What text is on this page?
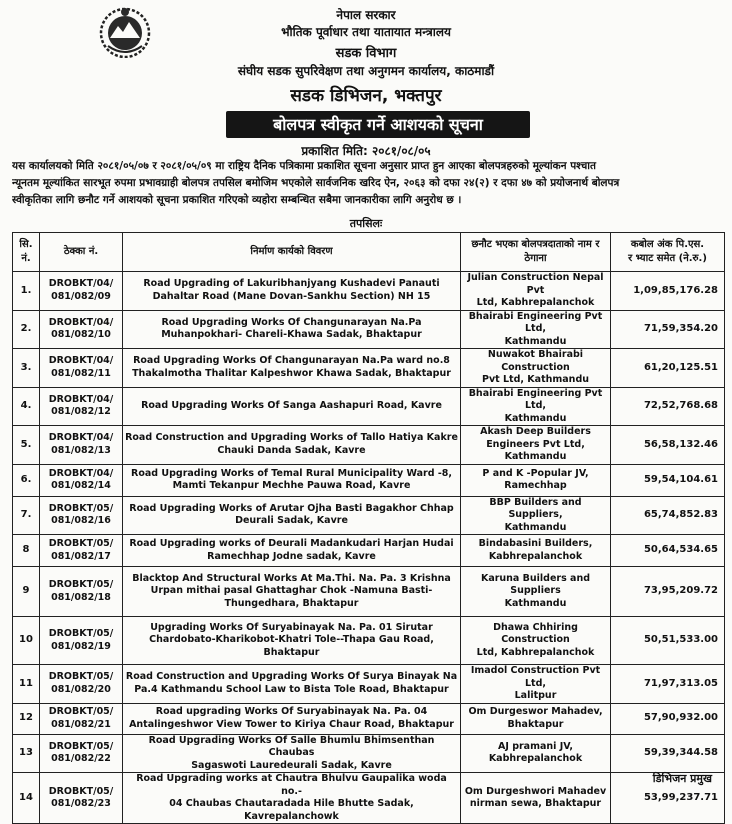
नेपाल सरकार
भौतिक पूर्वाधार तथा यातायात मन्त्रालय
सडक विभाग
संघीय सडक सुपरिवेक्षण तथा अनुगमन कार्यालय, काठमाडौं
सडक डिभिजन, भक्तपुर
बोलपत्र स्वीकृत गर्ने आशयको सूचना
प्रकाशित मिति: २०८१/०८/०५

यस कार्यालयको मिति २०८१/०५/०७ र २०८१/०५/०९ मा राष्ट्रिय दैनिक पत्रिकामा प्रकाशित सूचना अनुसार प्राप्त हुन आएका बोलपत्रहरुको मूल्यांकन पश्चात

न्यूनतम मूल्यांकित सारभूत रुपमा प्रभावग्राही बोलपत्र तपसिल बमोजिम भएकोले सार्वजनिक खरिद ऐन, २०६३ को दफा २४(२) र दफा ४७ को प्रयोजनार्थ बोलपत्र

स्वीकृतिका लागि छनौट गर्ने आशयको सूचना प्रकाशित गरिएको व्यहोरा सम्बन्धित सबैमा जानकारीका लागि अनुरोध छ ।

तपसिलः
सि.
नं.	ठेक्का नं.	निर्माण कार्यको विवरण	छनौट भएका बोलपत्रदाताको नाम र
ठेगाना	कबोल अंक पि.एस.
र भ्याट समेत (ने.रु.)
1.	DROBKT/04/
081/082/09	Road Upgrading of Lakuribhanjyang Kushadevi Panauti
Dahaltar Road (Mane Dovan-Sankhu Section) NH 15	Julian Construction Nepal Pvt
Ltd, Kabhrepalanchok	1,09,85,176.28
2.	DROBKT/04/
081/082/10	Road Upgrading Works Of Changunarayan Na.Pa
Muhanpokhari- Chareli-Khawa Sadak, Bhaktapur	Bhairabi Engineering Pvt Ltd,
Kathmandu	71,59,354.20
3.	DROBKT/04/
081/082/11	Road Upgrading Works Of Changunarayan Na.Pa ward no.8
Thakalmotha Thalitar Kalpeshwor Khawa Sadak, Bhaktapur	Nuwakot Bhairabi Construction
Pvt Ltd, Kathmandu	61,20,125.51
4.	DROBKT/04/
081/082/12	Road Upgrading Works Of Sanga Aashapuri Road, Kavre	Bhairabi Engineering Pvt Ltd,
Kathmandu	72,52,768.68
5.	DROBKT/04/
081/082/13	Road Construction and Upgrading Works of Tallo Hatiya Kakre
Chauki Danda Sadak, Kavre	Akash Deep Builders
Engineers Pvt Ltd, Kathmandu	56,58,132.46
6.	DROBKT/04/
081/082/14	Road Upgrading Works of Temal Rural Municipality Ward -8,
Mamti Tekanpur Mechhe Pauwa Road, Kavre	P and K -Popular JV,
Ramechhap	59,54,104.61
7.	DROBKT/05/
081/082/16	Road Upgrading Works of Arutar Ojha Basti Bagakhor Chhap
Deurali Sadak, Kavre	BBP Builders and Suppliers,
Kathmandu	65,74,852.83
8	DROBKT/05/
081/082/17	Road Upgrading works of Deurali Madankudari Harjan Hudai
Ramechhap Jodne sadak, Kavre	Bindabasini Builders,
Kabhrepalanchok	50,64,534.65
9	DROBKT/05/
081/082/18	Blacktop And Structural Works At Ma.Thi. Na. Pa. 3 Krishna
Urpan mithai pasal Ghattaghar Chok -Namuna Basti-
Thungedhara, Bhaktapur	Karuna Builders and Suppliers
Kathmandu	73,95,209.72
10	DROBKT/05/
081/082/19	Upgrading Works Of Suryabinayak Na. Pa. 01 Sirutar
Chardobato-Kharikobot-Khatri Tole--Thapa Gau Road,
Bhaktapur	Dhawa Chhiring Construction
Ltd, Kabhrepalanchok	50,51,533.00
11	DROBKT/05/
081/082/20	Road Construction and Upgrading Works Of Surya Binayak Na
Pa.4 Kathmandu School Law to Bista Tole Road, Bhaktapur	Imadol Construction Pvt Ltd,
Lalitpur	71,97,313.05
12	DROBKT/05/
081/082/21	Road upgrading Works Of Suryabinayak Na. Pa. 04
Antalingeshwor View Tower to Kiriya Chaur Road, Bhaktapur	Om Durgeswor Mahadev,
Bhaktapur	57,90,932.00
13	DROBKT/05/
081/082/22	Road Upgrading Works Of Salle Bhumlu Bhimsenthan Chaubas
Sagaswoti Lauredeurali Sadak, Kavre	AJ pramani JV,
Kabhrepalanchok	59,39,344.58
14	DROBKT/05/
081/082/23	Road Upgrading works at Chautra Bhulvu Gaupalika woda no.-
04 Chaubas Chautaradada Hile Bhutte Sadak, Kavrepalanchowk	Om Durgeshwori Mahadev
nirman sewa, Bhaktapur	53,99,237.71
डिभिजन प्रमुख
